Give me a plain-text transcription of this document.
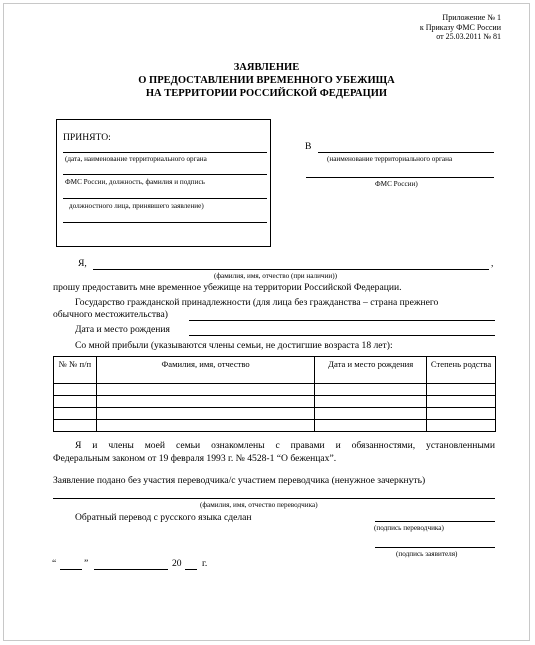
Приложение № 1
к Приказу ФМС России
от 25.03.2011 № 81
ЗАЯВЛЕНИЕ
О ПРЕДОСТАВЛЕНИИ ВРЕМЕННОГО УБЕЖИЩА
НА ТЕРРИТОРИИ РОССИЙСКОЙ ФЕДЕРАЦИИ
ПРИНЯТО:
(дата, наименование территориального органа
ФМС России, должность, фамилия и подпись
должностного лица, принявшего заявление)
В
(наименование территориального органа
ФМС России)
Я,	,
(фамилия, имя, отчество (при наличии))
прошу предоставить мне временное убежище на территории Российской Федерации.
Государство гражданской принадлежности (для лица без гражданства – страна прежнего
обычного местожительства)
Дата и место рождения
Со мной прибыли (указываются члены семьи, не достигшие возраста 18 лет):
№ № п/п	Фамилия, имя, отчество	Дата и место рождения	Степень родства

Я и члены моей семьи ознакомлены с правами и обязанностями, установленными
Федеральным законом от 19 февраля 1993 г. № 4528-1 “О беженцах”.
Заявление подано без участия переводчика/с участием переводчика (ненужное зачеркнуть)
(фамилия, имя, отчество переводчика)
Обратный перевод с русского языка сделан
(подпись переводчика)
(подпись заявителя)
“	”	20 г.
